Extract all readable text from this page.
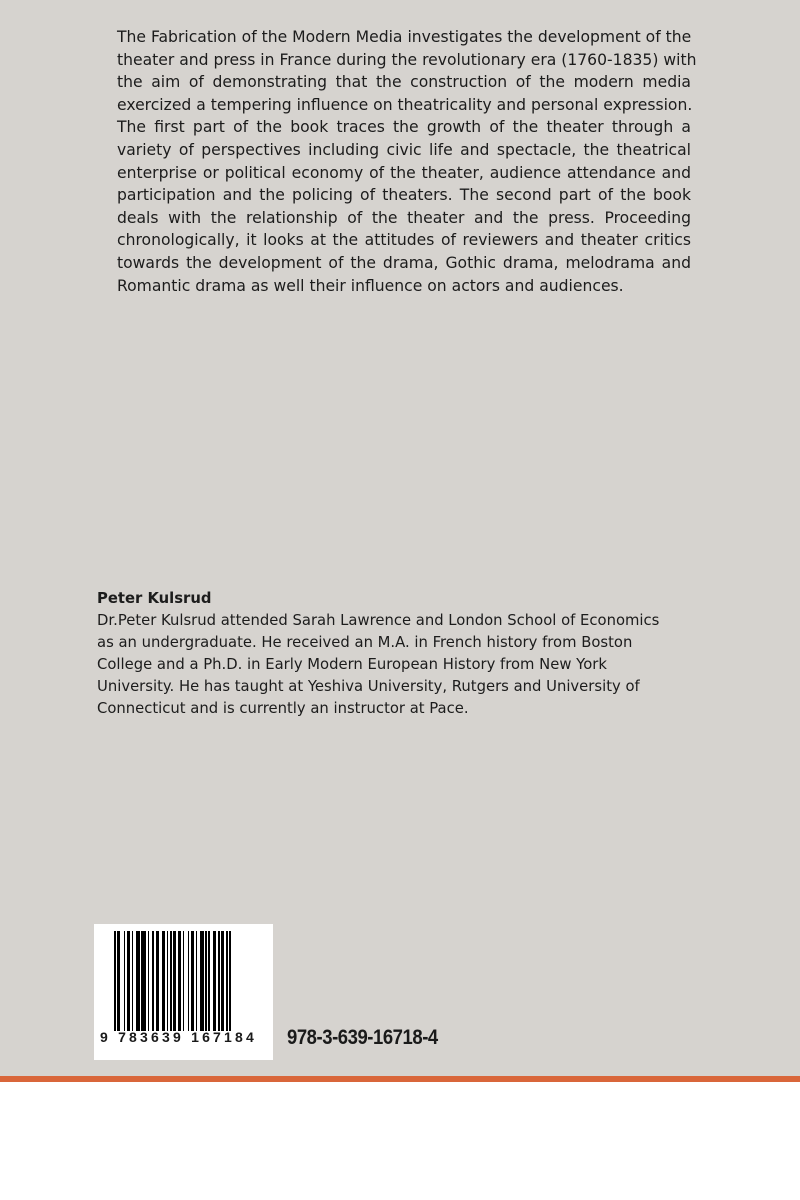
The Fabrication of the Modern Media investigates the development of the
theater and press in France during the revolutionary era (1760-1835) with
the aim of demonstrating that the construction of the modern media
exercized a tempering influence on theatricality and personal expression.
The first part of the book traces the growth of the theater through a
variety of perspectives including civic life and spectacle, the theatrical
enterprise or political economy of the theater, audience attendance and
participation and the policing of theaters. The second part of the book
deals with the relationship of the theater and the press. Proceeding
chronologically, it looks at the attitudes of reviewers and theater critics
towards the development of the drama, Gothic drama, melodrama and
Romantic drama as well their influence on actors and audiences.
Peter Kulsrud
Dr.Peter Kulsrud attended Sarah Lawrence and London School of Economics
as an undergraduate. He received an M.A. in French history from Boston
College and a Ph.D. in Early Modern European History from New York
University. He has taught at Yeshiva University, Rutgers and University of
Connecticut and is currently an instructor at Pace.
9 783639 167184 978-3-639-16718-4
